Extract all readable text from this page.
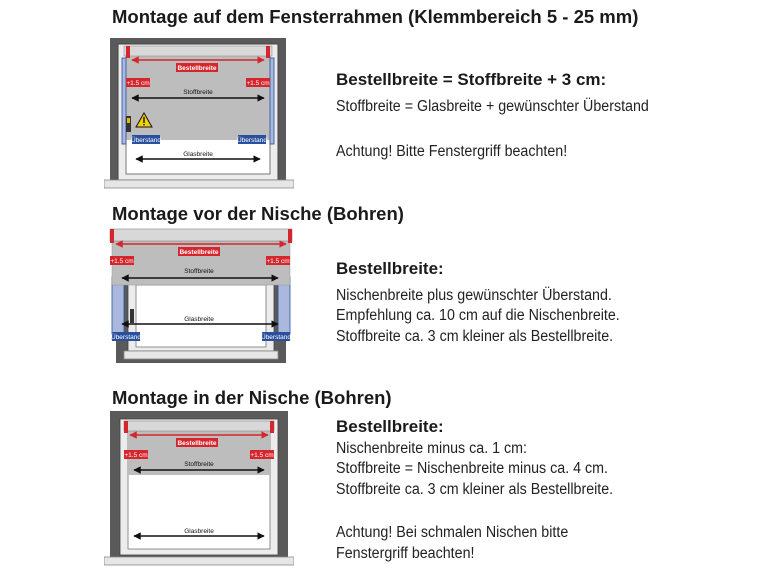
Montage auf dem Fensterrahmen (Klemmbereich 5 - 25 mm)
Bestellbreite
+1.5 cm	+1.5 cm
Stoffbreite
Überstand	Überstand
Glasbreite

Bestellbreite = Stoffbreite + 3 cm:

Stoffbreite = Glasbreite + gewünschter Überstand

Achtung! Bitte Fenstergriff beachten!

Montage vor der Nische (Bohren)
Bestellbreite
+1.5 cm	+1.5 cm
Stoffbreite
Glasbreite
Überstand	Überstand

Bestellbreite:

Nischenbreite plus gewünschter Überstand.

Empfehlung ca. 10 cm auf die Nischenbreite.

Stoffbreite ca. 3 cm kleiner als Bestellbreite.

Montage in der Nische (Bohren)
Bestellbreite
+1.5 cm	+1.5 cm
Stoffbreite
Glasbreite

Bestellbreite:

Nischenbreite minus ca. 1 cm:

Stoffbreite = Nischenbreite minus ca. 4 cm.

Stoffbreite ca. 3 cm kleiner als Bestellbreite.

Achtung! Bei schmalen Nischen bitte

Fenstergriff beachten!
